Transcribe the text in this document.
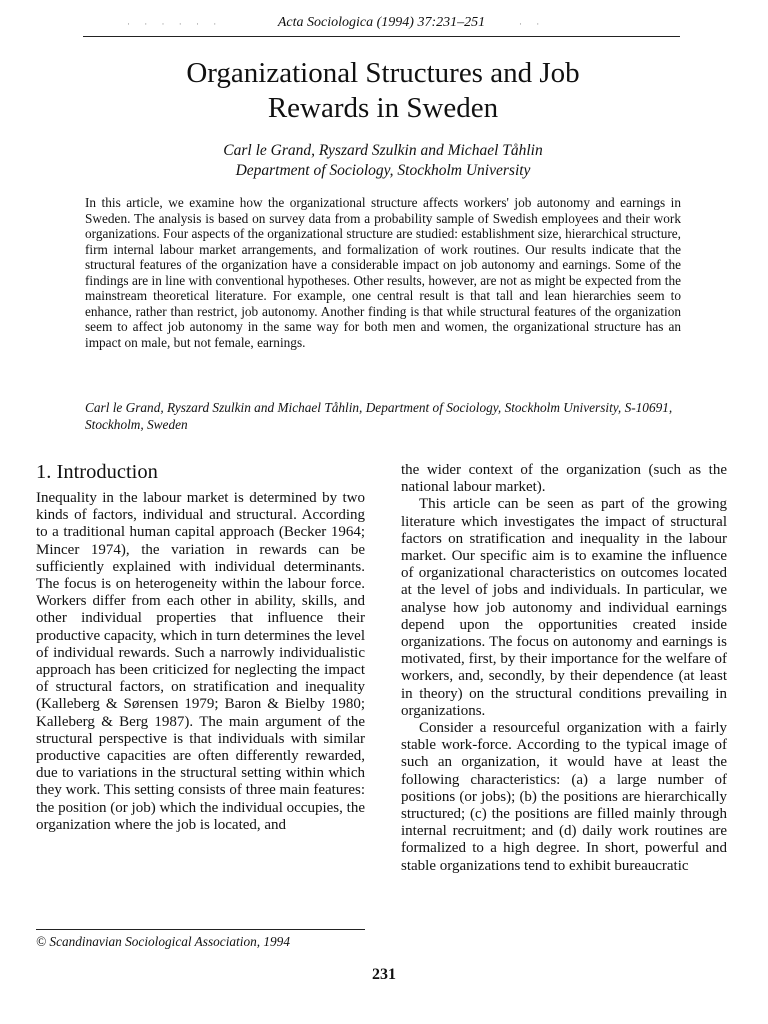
· · · · · ·	Acta Sociologica (1994) 37:231–251	· ·
Organizational Structures and Job
Rewards in Sweden
Carl le Grand, Ryszard Szulkin and Michael Tåhlin
Department of Sociology, Stockholm University

In this article, we examine how the organizational structure affects workers' job autonomy and earnings in Sweden. The analysis is based on survey data from a probability sample of Swedish employees and their work organizations. Four aspects of the organizational structure are studied: establishment size, hierarchical structure, firm internal labour market arrangements, and formalization of work routines. Our results indicate that the structural features of the organization have a considerable impact on job autonomy and earnings. Some of the findings are in line with conventional hypotheses. Other results, however, are not as might be expected from the mainstream theoretical literature. For example, one central result is that tall and lean hierarchies seem to enhance, rather than restrict, job autonomy. Another finding is that while structural features of the organization seem to affect job autonomy in the same way for both men and women, the organizational structure has an impact on male, but not female, earnings.

Carl le Grand, Ryszard Szulkin and Michael Tåhlin, Department of Sociology, Stockholm University, S-10691, Stockholm, Sweden

1. Introduction

Inequality in the labour market is determined by two kinds of factors, individual and structural. According to a traditional human capital approach (Becker 1964; Mincer 1974), the variation in rewards can be sufficiently explained with individual determinants. The focus is on heterogeneity within the labour force. Workers differ from each other in ability, skills, and other individual properties that influence their productive capacity, which in turn determines the level of individual rewards. Such a narrowly individualistic approach has been criticized for neglecting the impact of structural factors, on stratification and inequality (Kalleberg & Sørensen 1979; Baron & Bielby 1980; Kalleberg & Berg 1987). The main argument of the structural perspective is that individuals with similar productive capacities are often differently rewarded, due to variations in the structural setting within which they work. This setting consists of three main features: the position (or job) which the individual occupies, the organization where the job is located, and

the wider context of the organization (such as the national labour market).

This article can be seen as part of the growing literature which investigates the impact of structural factors on stratification and inequality in the labour market. Our specific aim is to examine the influence of organizational characteristics on outcomes located at the level of jobs and individuals. In particular, we analyse how job autonomy and individual earnings depend upon the opportunities created inside organizations. The focus on autonomy and earnings is motivated, first, by their importance for the welfare of workers, and, secondly, by their dependence (at least in theory) on the structural conditions prevailing in organizations.

Consider a resourceful organization with a fairly stable work-force. According to the typical image of such an organization, it would have at least the following characteristics: (a) a large number of positions (or jobs); (b) the positions are hierarchically structured; (c) the positions are filled mainly through internal recruitment; and (d) daily work routines are formalized to a high degree. In short, powerful and stable organizations tend to exhibit bureaucratic

© Scandinavian Sociological Association, 1994
231
